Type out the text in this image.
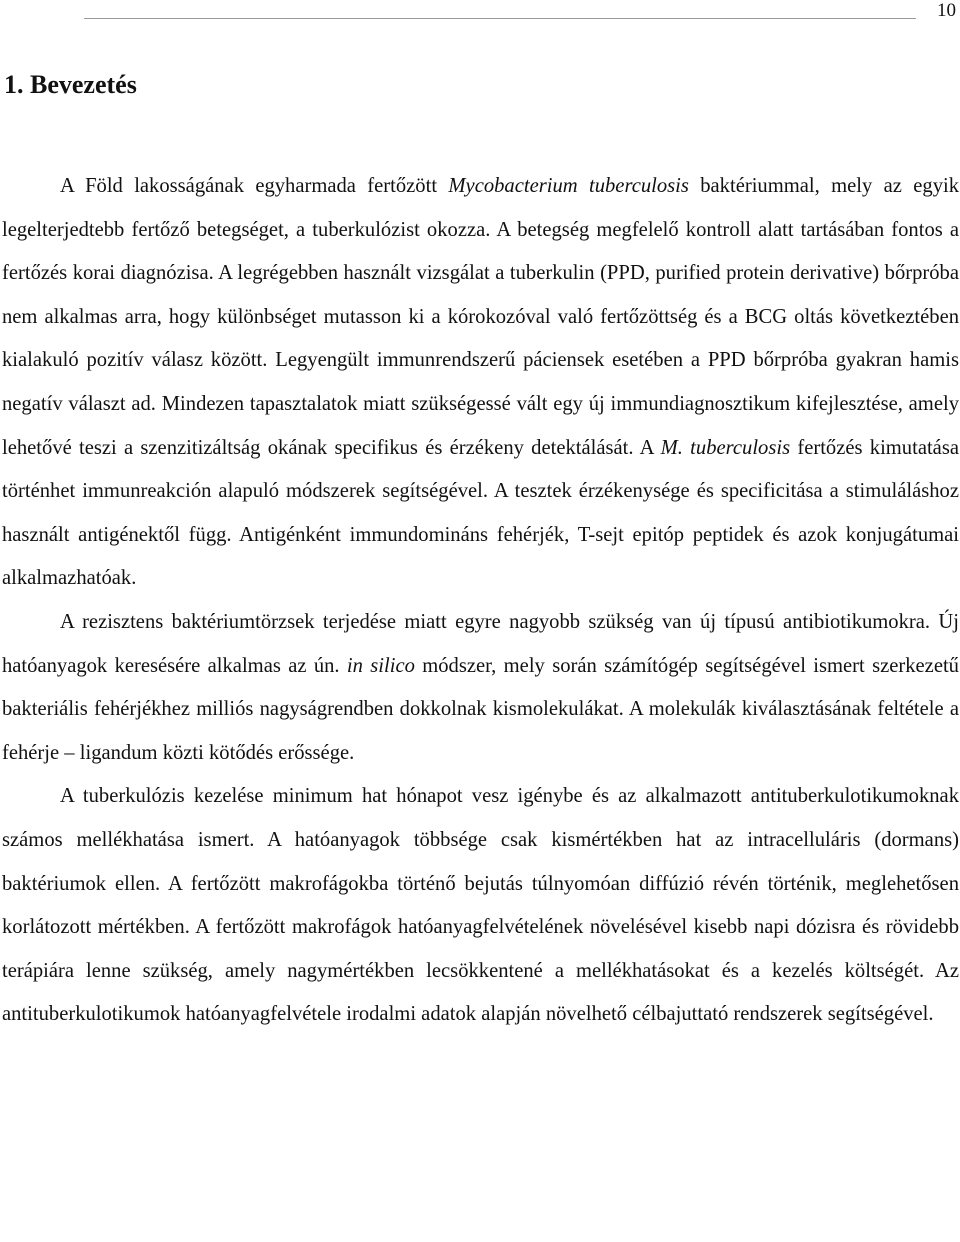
10
1. Bevezetés

A Föld lakosságának egyharmada fertőzött Mycobacterium tuberculosis baktériummal, mely az egyik legelterjedtebb fertőző betegséget, a tuberkulózist okozza. A betegség megfelelő kontroll alatt tartásában fontos a fertőzés korai diagnózisa. A legrégebben használt vizsgálat a tuberkulin (PPD, purified protein derivative) bőrpróba nem alkalmas arra, hogy különbséget mutasson ki a kórokozóval való fertőzöttség és a BCG oltás következtében kialakuló pozitív válasz között. Legyengült immunrendszerű páciensek esetében a PPD bőrpróba gyakran hamis negatív választ ad. Mindezen tapasztalatok miatt szükségessé vált egy új immundiagnosztikum kifejlesztése, amely lehetővé teszi a szenzitizáltság okának specifikus és érzékeny detektálását. A M. tuberculosis fertőzés kimutatása történhet immunreakción alapuló módszerek segítségével. A tesztek érzékenysége és specificitása a stimuláláshoz használt antigénektől függ. Antigénként immundomináns fehérjék, T-sejt epitóp peptidek és azok konjugátumai alkalmazhatóak.

A rezisztens baktériumtörzsek terjedése miatt egyre nagyobb szükség van új típusú antibiotikumokra. Új hatóanyagok keresésére alkalmas az ún. in silico módszer, mely során számítógép segítségével ismert szerkezetű bakteriális fehérjékhez milliós nagyságrendben dokkolnak kismolekulákat. A molekulák kiválasztásának feltétele a fehérje – ligandum közti kötődés erőssége.

A tuberkulózis kezelése minimum hat hónapot vesz igénybe és az alkalmazott antituberkulotikumoknak számos mellékhatása ismert. A hatóanyagok többsége csak kismértékben hat az intracelluláris (dormans) baktériumok ellen. A fertőzött makrofágokba történő bejutás túlnyomóan diffúzió révén történik, meglehetősen korlátozott mértékben. A fertőzött makrofágok hatóanyagfelvételének növelésével kisebb napi dózisra és rövidebb terápiára lenne szükség, amely nagymértékben lecsökkentené a mellékhatásokat és a kezelés költségét. Az antituberkulotikumok hatóanyagfelvétele irodalmi adatok alapján növelhető célbajuttató rendszerek segítségével.
